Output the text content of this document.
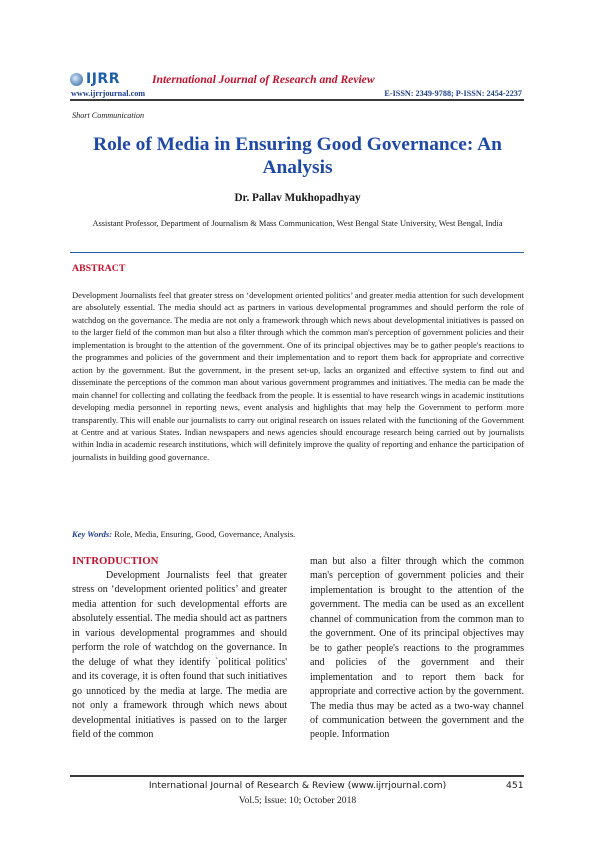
IJRR	International Journal of Research and Review
www.ijrrjournal.com	E-ISSN: 2349-9788; P-ISSN: 2454-2237
Short Communication
Role of Media in Ensuring Good Governance: An Analysis
Dr. Pallav Mukhopadhyay
Assistant Professor, Department of Journalism & Mass Communication, West Bengal State University, West Bengal, India
ABSTRACT

Development Journalists feel that greater stress on ‘development oriented politics’ and greater media attention for such development are absolutely essential. The media should act as partners in various developmental programmes and should perform the role of watchdog on the governance. The media are not only a framework through which news about developmental initiatives is passed on to the larger field of the common man but also a filter through which the common man's perception of government policies and their implementation is brought to the attention of the government. One of its principal objectives may be to gather people's reactions to the programmes and policies of the government and their implementation and to report them back for appropriate and corrective action by the government. But the government, in the present set-up, lacks an organized and effective system to find out and disseminate the perceptions of the common man about various government programmes and initiatives. The media can be made the main channel for collecting and collating the feedback from the people. It is essential to have research wings in academic institutions developing media personnel in reporting news, event analysis and highlights that may help the Government to perform more transparently. This will enable our journalists to carry out original research on issues related with the functioning of the Government at Centre and at various States. Indian newspapers and news agencies should encourage research being carried out by journalists within India in academic research institutions, which will definitely improve the quality of reporting and enhance the participation of journalists in building good governance.

Key Words: Role, Media, Ensuring, Good, Governance, Analysis.
INTRODUCTION

Development Journalists feel that greater stress on ‘development oriented politics’ and greater media attention for such developmental efforts are absolutely essential. The media should act as partners in various developmental programmes and should perform the role of watchdog on the governance. In the deluge of what they identify `political politics' and its coverage, it is often found that such initiatives go unnoticed by the media at large. The media are not only a framework through which news about developmental initiatives is passed on to the larger field of the common

man but also a filter through which the common man's perception of government policies and their implementation is brought to the attention of the government. The media can be used as an excellent channel of communication from the common man to the government. One of its principal objectives may be to gather people's reactions to the programmes and policies of the government and their implementation and to report them back for appropriate and corrective action by the government. The media thus may be acted as a two-way channel of communication between the government and the people. Information

International Journal of Research & Review (www.ijrrjournal.com)	451
Vol.5; Issue: 10; October 2018
